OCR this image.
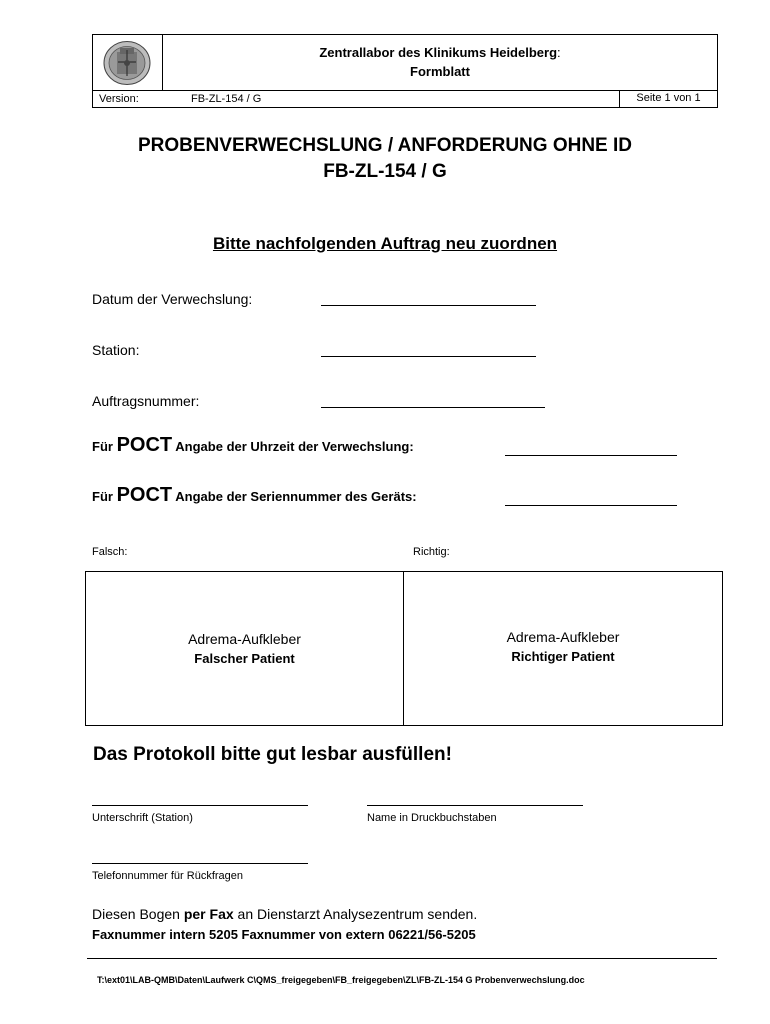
Zentrallabor des Klinikums Heidelberg:
Formblatt
Version:	FB-ZL-154 / G	Seite 1 von 1
PROBENVERWECHSLUNG / ANFORDERUNG OHNE ID
FB-ZL-154 / G
Bitte nachfolgenden Auftrag neu zuordnen
Datum der Verwechslung:
Station:
Auftragsnummer:
Für POCT Angabe der Uhrzeit der Verwechslung:
Für POCT Angabe der Seriennummer des Geräts:
Falsch:	Richtig:
Adrema-Aufkleber
Falscher Patient
Adrema-Aufkleber
Richtiger Patient
Das Protokoll bitte gut lesbar ausfüllen!
Unterschrift (Station)	Name in Druckbuchstaben
Telefonnummer für Rückfragen
Diesen Bogen per Fax an Dienstarzt Analysezentrum senden.
Faxnummer intern 5205 Faxnummer von extern 06221/56-5205
T:\ext01\LAB-QMB\Daten\Laufwerk C\QMS_freigegeben\FB_freigegeben\ZL\FB-ZL-154 G Probenverwechslung.doc
